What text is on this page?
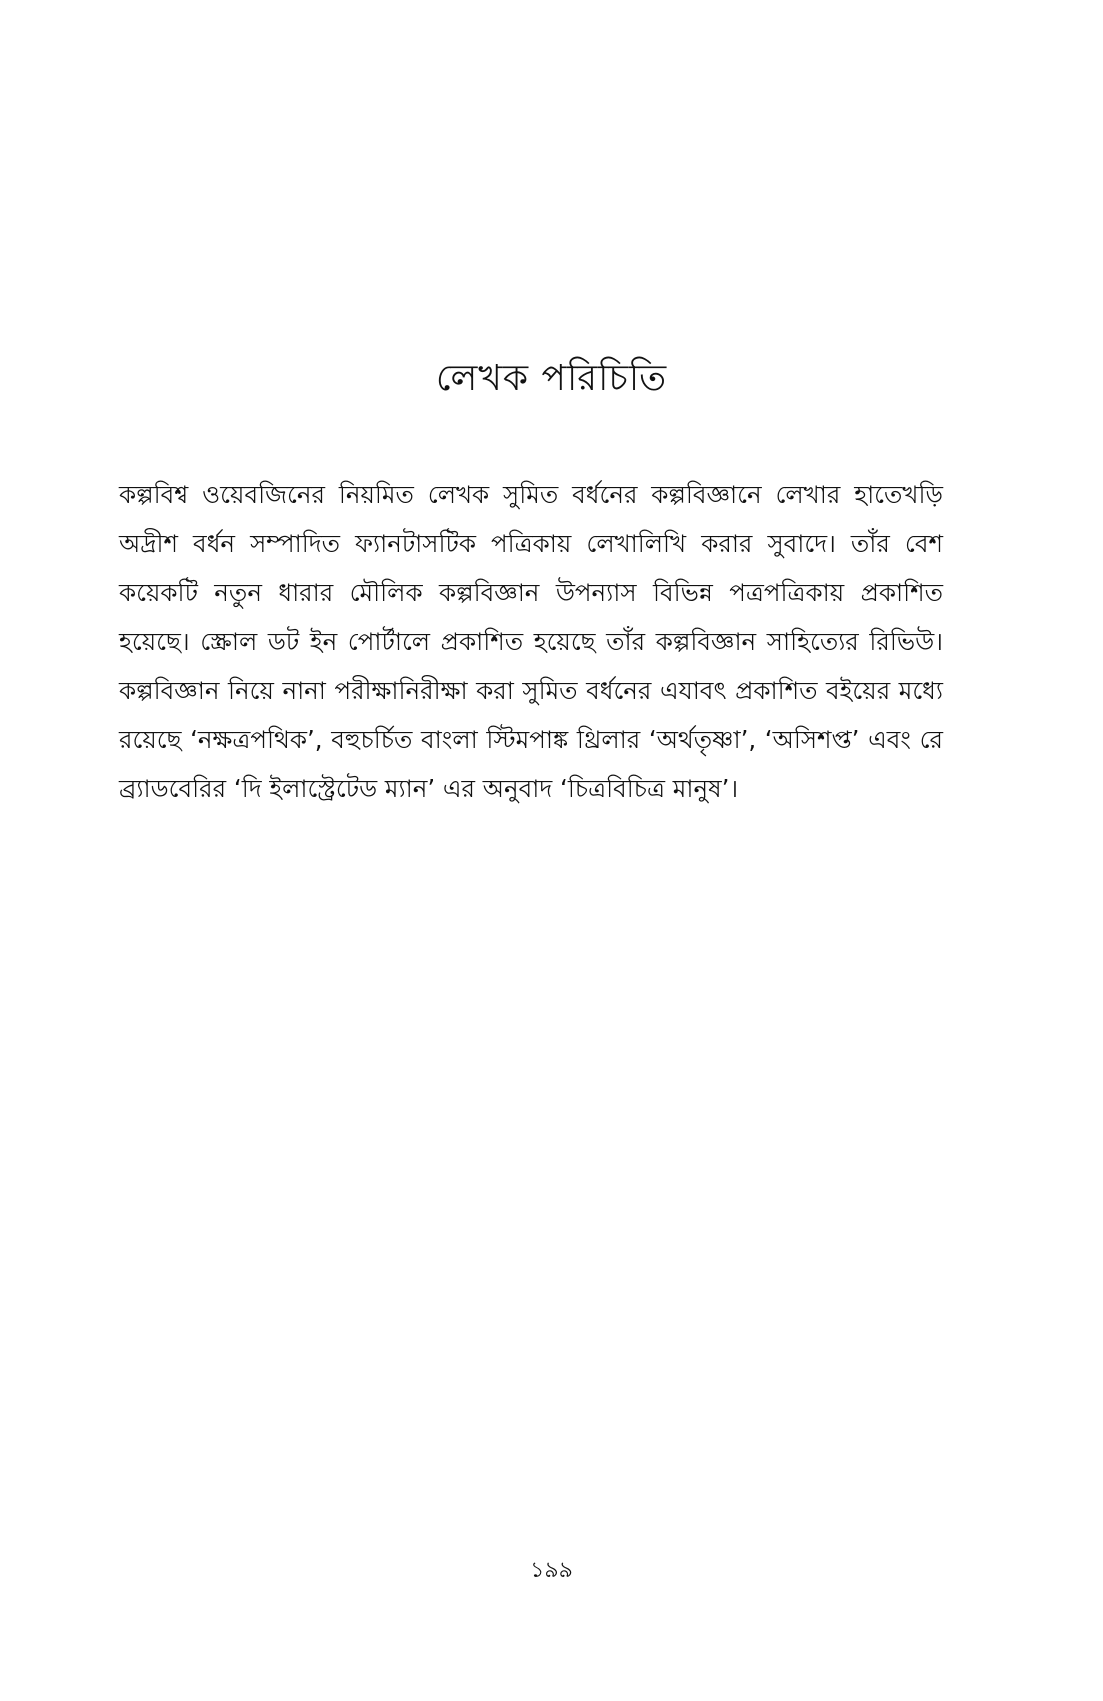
লেখক পরিচিতি

কল্পবিশ্ব ওয়েবজিনের নিয়মিত লেখক সুমিত বর্ধনের কল্পবিজ্ঞানে লেখার হাতেখড়ি অদ্রীশ বর্ধন সম্পাদিত ফ্যানটাসটিক পত্রিকায় লেখালিখি করার সুবাদে। তাঁর বেশ কয়েকটি নতুন ধারার মৌলিক কল্পবিজ্ঞান উপন্যাস বিভিন্ন পত্রপত্রিকায় প্রকাশিত হয়েছে। স্ক্রোল ডট ইন পোর্টালে প্রকাশিত হয়েছে তাঁর কল্পবিজ্ঞান সাহিত্যের রিভিউ। কল্পবিজ্ঞান নিয়ে নানা পরীক্ষানিরীক্ষা করা সুমিত বর্ধনের এযাবৎ প্রকাশিত বইয়ের মধ্যে রয়েছে ‘নক্ষত্রপথিক’, বহুচর্চিত বাংলা স্টিমপাঙ্ক থ্রিলার ‘অর্থতৃষ্ণা’, ‘অসিশপ্ত’ এবং রে ব্র্যাডবেরির ‘দি ইলাস্ট্রেটেড ম্যান’ এর অনুবাদ ‘চিত্রবিচিত্র মানুষ’।

১৯৯
